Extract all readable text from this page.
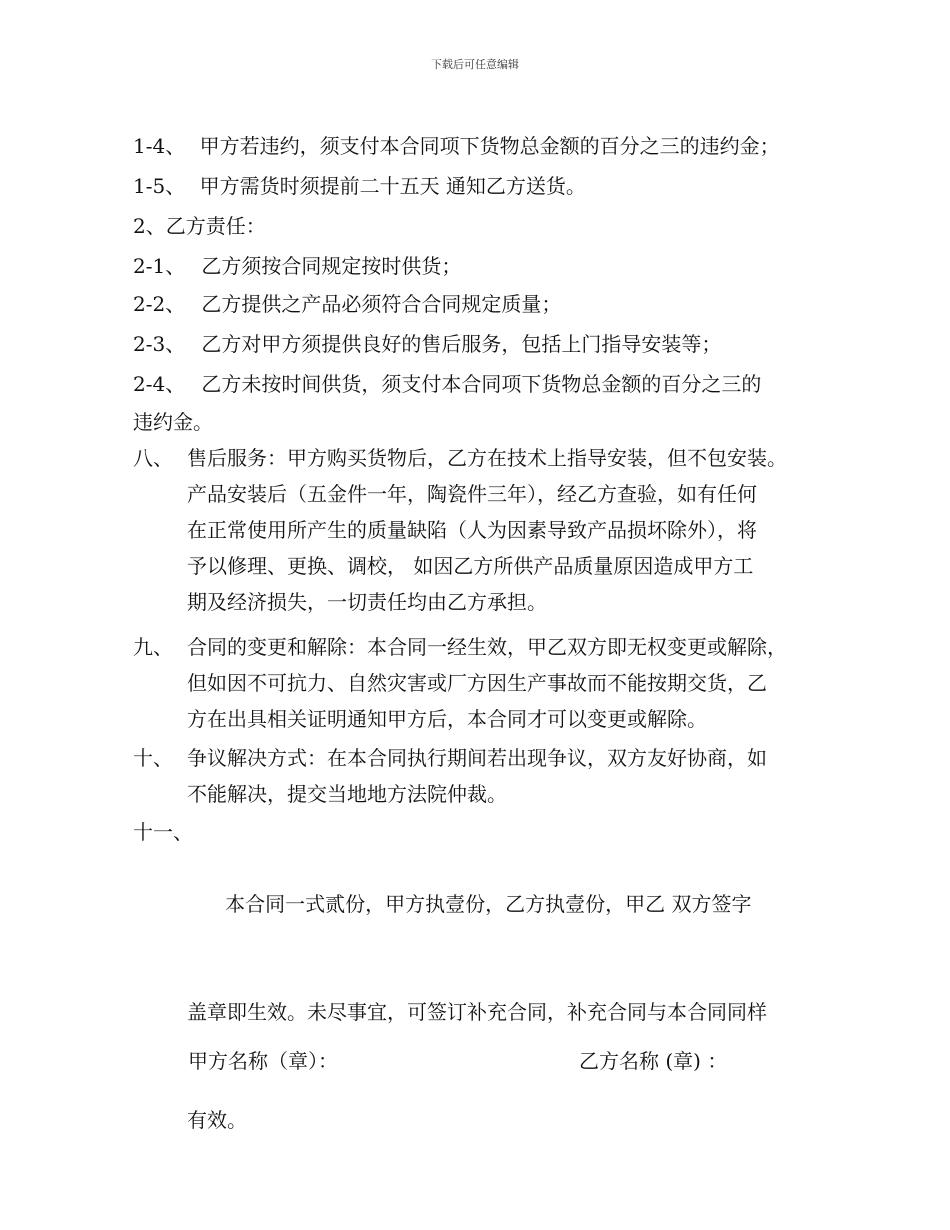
下载后可任意编辑
1-4、 甲方若违约，须支付本合同项下货物总金额的百分之三的违约金；
1-5、 甲方需货时须提前二十五天 通知乙方送货。
2、乙方责任：
2-1、 乙方须按合同规定按时供货；
2-2、 乙方提供之产品必须符合合同规定质量；
2-3、 乙方对甲方须提供良好的售后服务，包括上门指导安装等；
2-4、 乙方未按时间供货，须支付本合同项下货物总金额的百分之三的
违约金。
八、 售后服务：甲方购买货物后，乙方在技术上指导安装，但不包安装。
产品安装后（五金件一年，陶瓷件三年），经乙方查验，如有任何
在正常使用所产生的质量缺陷（人为因素导致产品损坏除外），将
予以修理、更换、调校， 如因乙方所供产品质量原因造成甲方工
期及经济损失，一切责任均由乙方承担。
九、 合同的变更和解除：本合同一经生效，甲乙双方即无权变更或解除，
但如因不可抗力、自然灾害或厂方因生产事故而不能按期交货，乙
方在出具相关证明通知甲方后，本合同才可以变更或解除。
十、 争议解决方式：在本合同执行期间若出现争议，双方友好协商，如
不能解决，提交当地地方法院仲裁。
十一、

本合同一式贰份，甲方执壹份，乙方执壹份，甲乙 双方签字

盖章即生效。未尽事宜，可签订补充合同，补充合同与本合同同样

有效。

甲方名称（章）：	乙方名称 (章) ：
